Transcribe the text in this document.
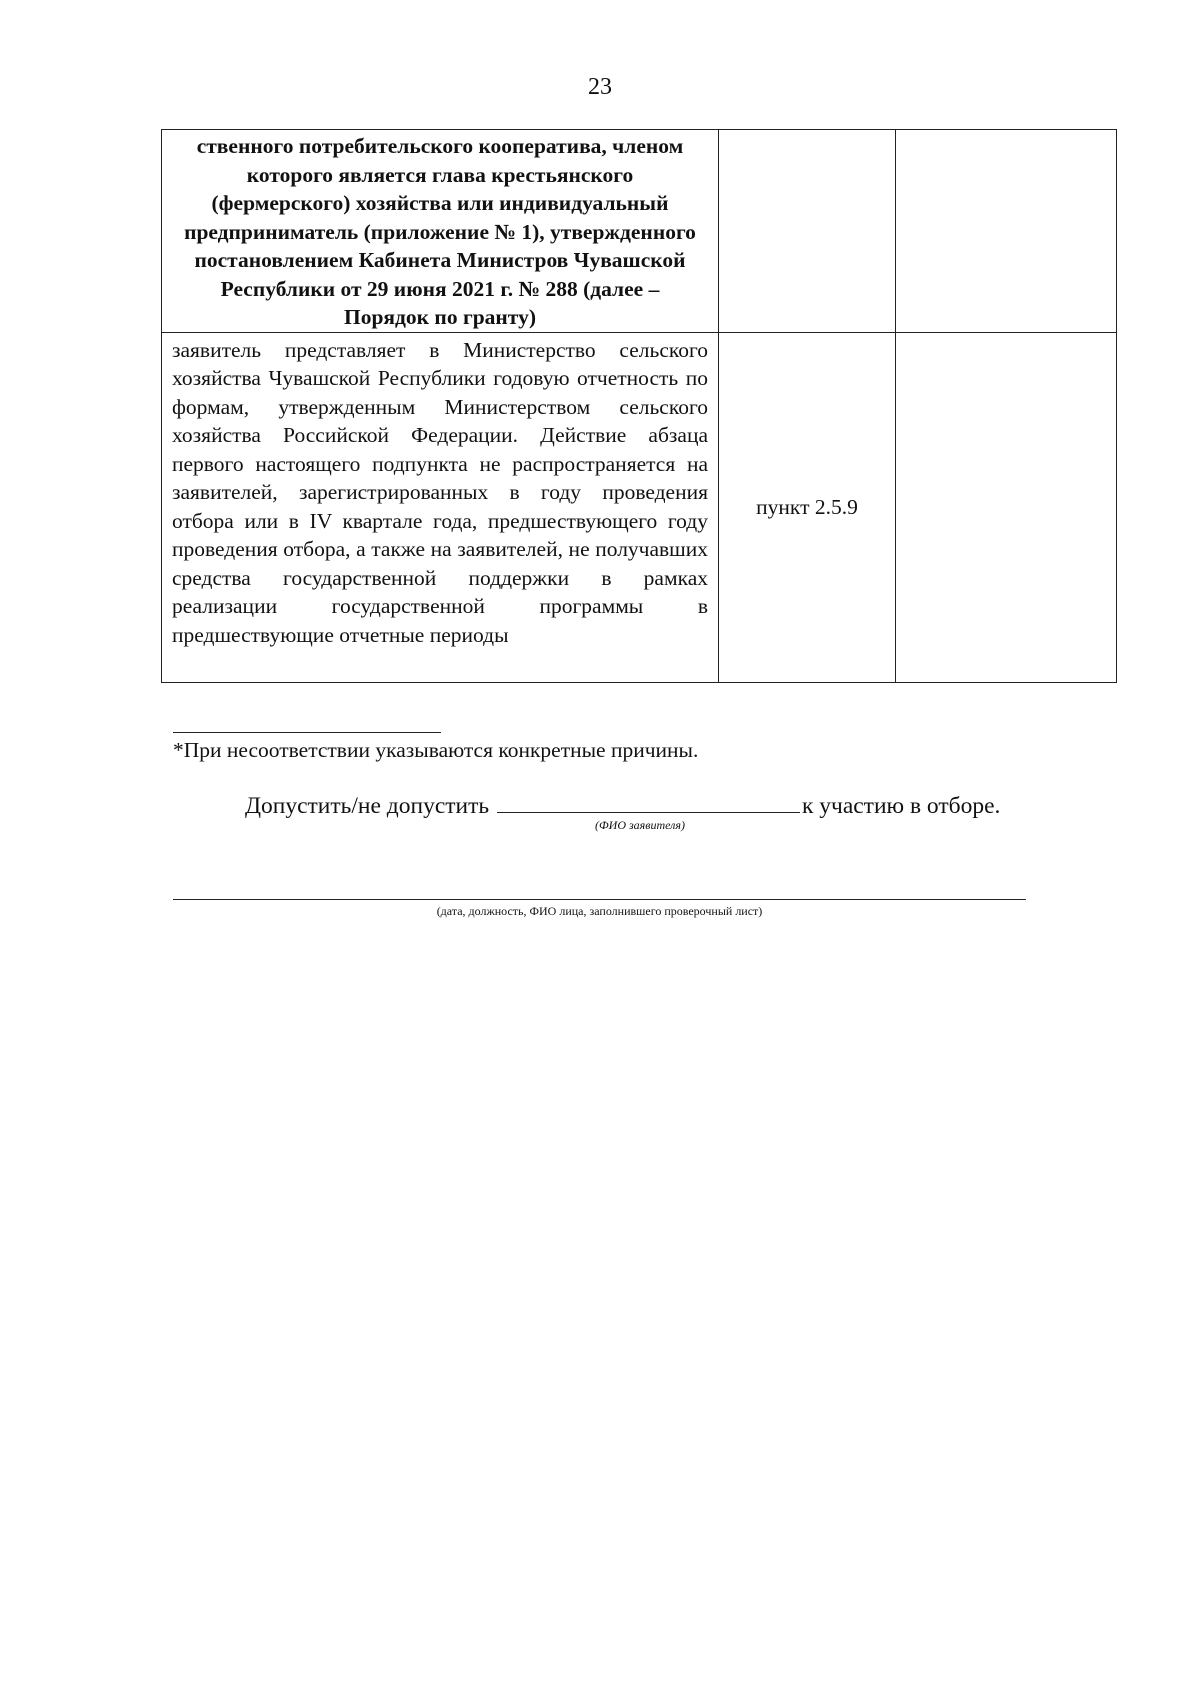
23
ственного потребительского кооператива, членом которого является глава крестьянского (фермерского) хозяйства или индивидуальный предприниматель (приложение № 1), утвержденного постановлением Кабинета Министров Чувашской Республики от 29 июня 2021 г. № 288 (далее – Порядок по гранту)		
заявитель представляет в Министерство сельского хозяйства Чувашской Республики годовую отчетность по формам, утвержденным Министерством сельского хозяйства Российской Федерации. Действие абзаца первого настоящего подпункта не распространяется на заявителей, зарегистрированных в году проведения отбора или в IV квартале года, предшествующего году проведения отбора, а также на заявителей, не получавших средства государственной поддержки в рамках реализации государственной программы в предшествующие отчетные периоды	пункт 2.5.9	
*При несоответствии указываются конкретные причины.
Допустить/не допустить	к участию в отборе.
(ФИО заявителя)
(дата, должность, ФИО лица, заполнившего проверочный лист)
